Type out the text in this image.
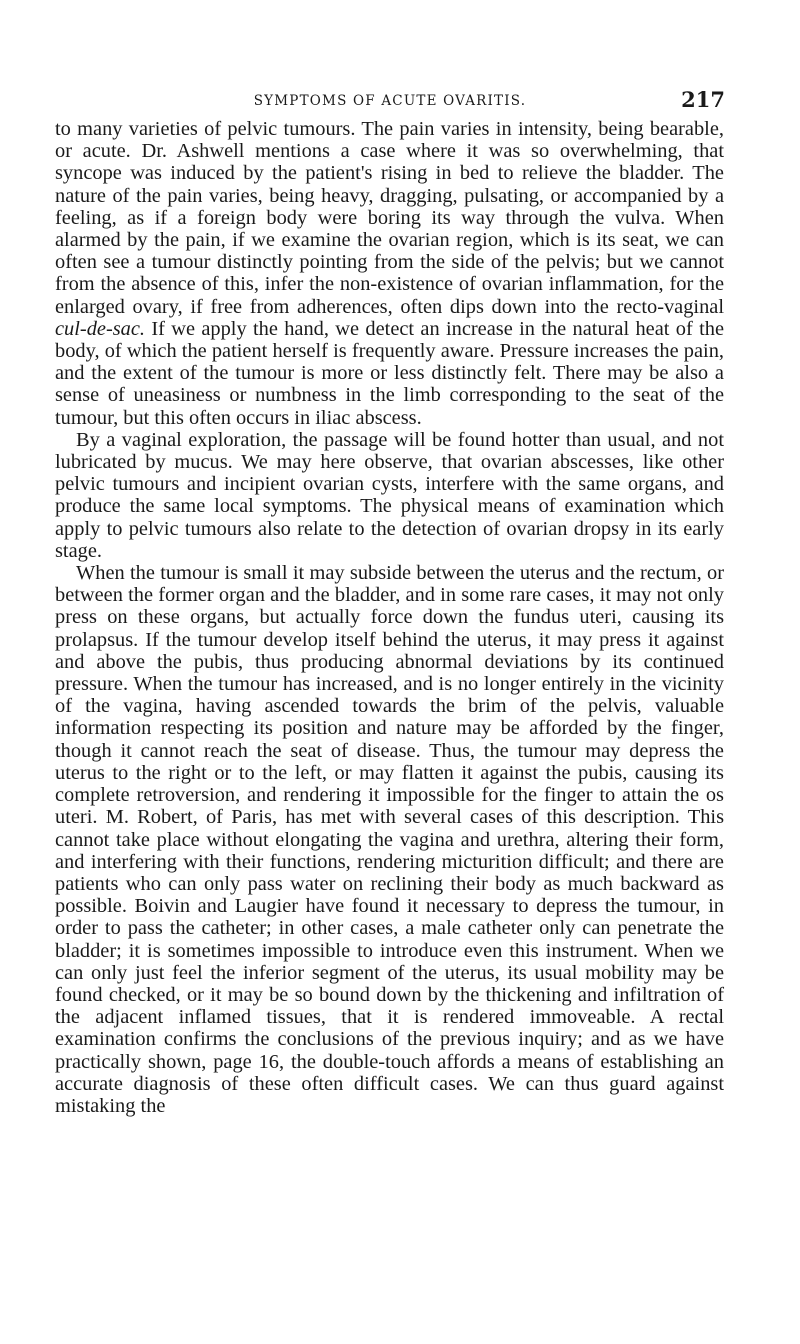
SYMPTOMS OF ACUTE OVARITIS.	217

to many varieties of pelvic tumours. The pain varies in intensity, being bearable, or acute. Dr. Ashwell mentions a case where it was so overwhelming, that syncope was induced by the patient's rising in bed to relieve the bladder. The nature of the pain varies, being heavy, dragging, pulsating, or accompanied by a feeling, as if a foreign body were boring its way through the vulva. When alarmed by the pain, if we examine the ovarian region, which is its seat, we can often see a tumour distinctly pointing from the side of the pelvis; but we cannot from the absence of this, infer the non-existence of ovarian inflammation, for the enlarged ovary, if free from adherences, often dips down into the recto-vaginal cul-de-sac. If we apply the hand, we detect an increase in the natural heat of the body, of which the patient herself is frequently aware. Pressure increases the pain, and the extent of the tumour is more or less distinctly felt. There may be also a sense of uneasiness or numbness in the limb corresponding to the seat of the tumour, but this often occurs in iliac abscess.

By a vaginal exploration, the passage will be found hotter than usual, and not lubricated by mucus. We may here observe, that ovarian abscesses, like other pelvic tumours and incipient ovarian cysts, interfere with the same organs, and produce the same local symptoms. The physical means of examination which apply to pelvic tumours also relate to the detection of ovarian dropsy in its early stage.

When the tumour is small it may subside between the uterus and the rectum, or between the former organ and the bladder, and in some rare cases, it may not only press on these organs, but actually force down the fundus uteri, causing its prolapsus. If the tumour develop itself behind the uterus, it may press it against and above the pubis, thus producing abnormal deviations by its continued pressure. When the tumour has increased, and is no longer entirely in the vicinity of the vagina, having ascended towards the brim of the pelvis, valuable information respecting its position and nature may be afforded by the finger, though it cannot reach the seat of disease. Thus, the tumour may depress the uterus to the right or to the left, or may flatten it against the pubis, causing its complete retroversion, and rendering it impossible for the finger to attain the os uteri. M. Robert, of Paris, has met with several cases of this description. This cannot take place without elongating the vagina and urethra, altering their form, and interfering with their functions, rendering micturition difficult; and there are patients who can only pass water on reclining their body as much backward as possible. Boivin and Laugier have found it necessary to depress the tumour, in order to pass the catheter; in other cases, a male catheter only can penetrate the bladder; it is sometimes impossible to introduce even this instrument. When we can only just feel the inferior segment of the uterus, its usual mobility may be found checked, or it may be so bound down by the thickening and infiltration of the adjacent inflamed tissues, that it is rendered immoveable. A rectal examination confirms the conclusions of the previous inquiry; and as we have practically shown, page 16, the double-touch affords a means of establishing an accurate diagnosis of these often difficult cases. We can thus guard against mistaking the
